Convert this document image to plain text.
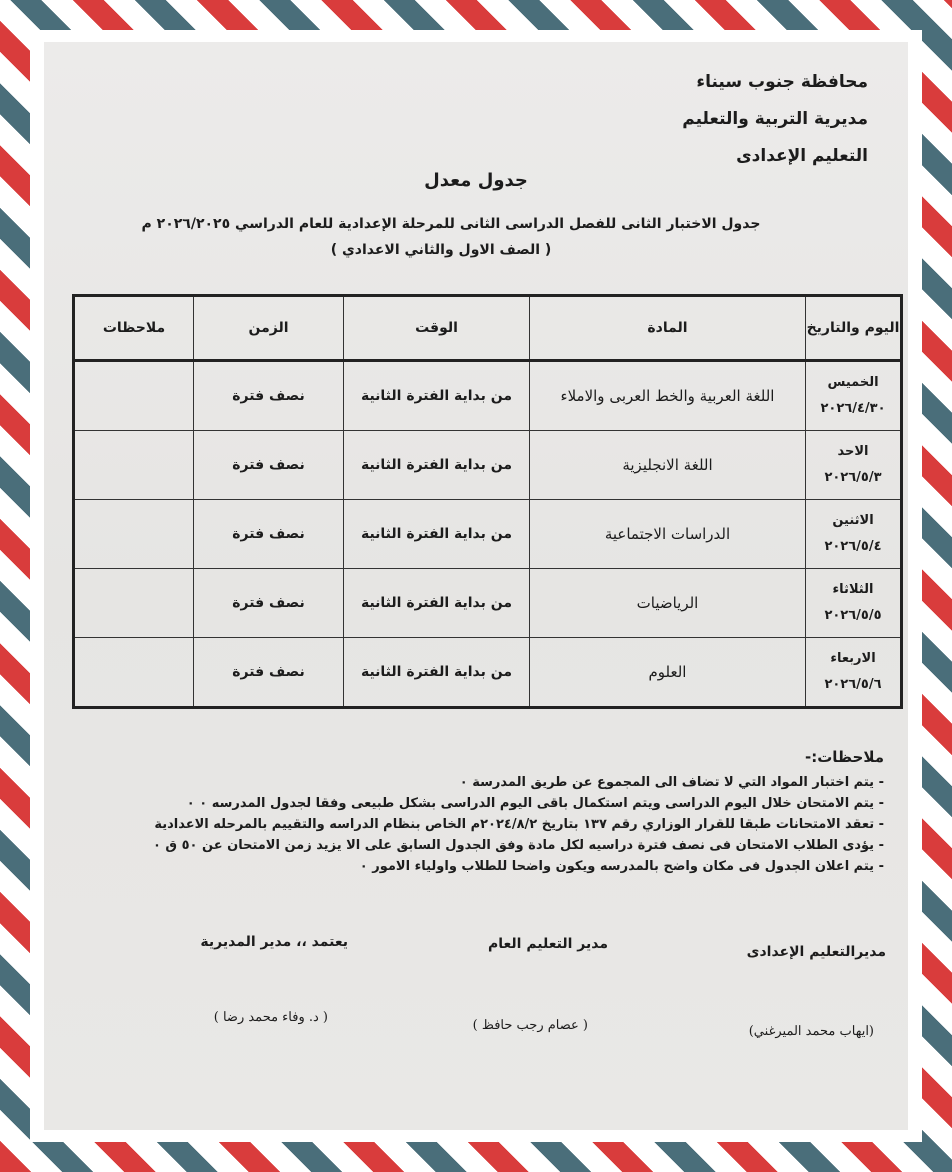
محافظة جنوب سيناء
مديرية التربية والتعليم
التعليم الإعدادى
جدول معدل
جدول الاختبار الثانى للفصل الدراسى الثانى للمرحلة الإعدادية للعام الدراسي ٢٠٢٦/٢٠٢٥ م
( الصف الاول والثاني الاعدادي )
اليوم والتاريخ	المادة	الوقت	الزمن	ملاحظات

الخميس
٢٠٢٦/٤/٣٠	اللغة العربية والخط العربى والاملاء	من بداية الفترة الثانية	نصف فترة	

الاحد
٢٠٢٦/٥/٣	اللغة الانجليزية	من بداية الفترة الثانية	نصف فترة	

الاثنين
٢٠٢٦/٥/٤	الدراسات الاجتماعية	من بداية الفترة الثانية	نصف فترة	

الثلاثاء
٢٠٢٦/٥/٥	الرياضيات	من بداية الفترة الثانية	نصف فترة	

الاربعاء
٢٠٢٦/٥/٦	العلوم	من بداية الفترة الثانية	نصف فترة	
ملاحظات:-
- يتم اختبار المواد التي لا تضاف الى المجموع عن طريق المدرسة ٠
- يتم الامتحان خلال اليوم الدراسى ويتم استكمال باقى اليوم الدراسى بشكل طبيعى وفقا لجدول المدرسه ٠ ٠
- تعقد الامتحانات طبقا للقرار الوزاري رقم ١٣٧ بتاريخ ٢٠٢٤/٨/٢م الخاص بنظام الدراسه والتقييم بالمرحله الاعدادية
- يؤدى الطلاب الامتحان فى نصف فترة دراسيه لكل مادة وفق الجدول السابق على الا يزيد زمن الامتحان عن ٥٠ ق ٠
- يتم اعلان الجدول فى مكان واضح بالمدرسه ويكون واضحا للطلاب واولياء الامور ٠
مديرالتعليم الإعدادى
(ايهاب محمد الميرغني)
مدير التعليم العام
( عصام رجب حافظ )
يعتمد ،، مدير المديرية
( د. وفاء محمد رضا )
